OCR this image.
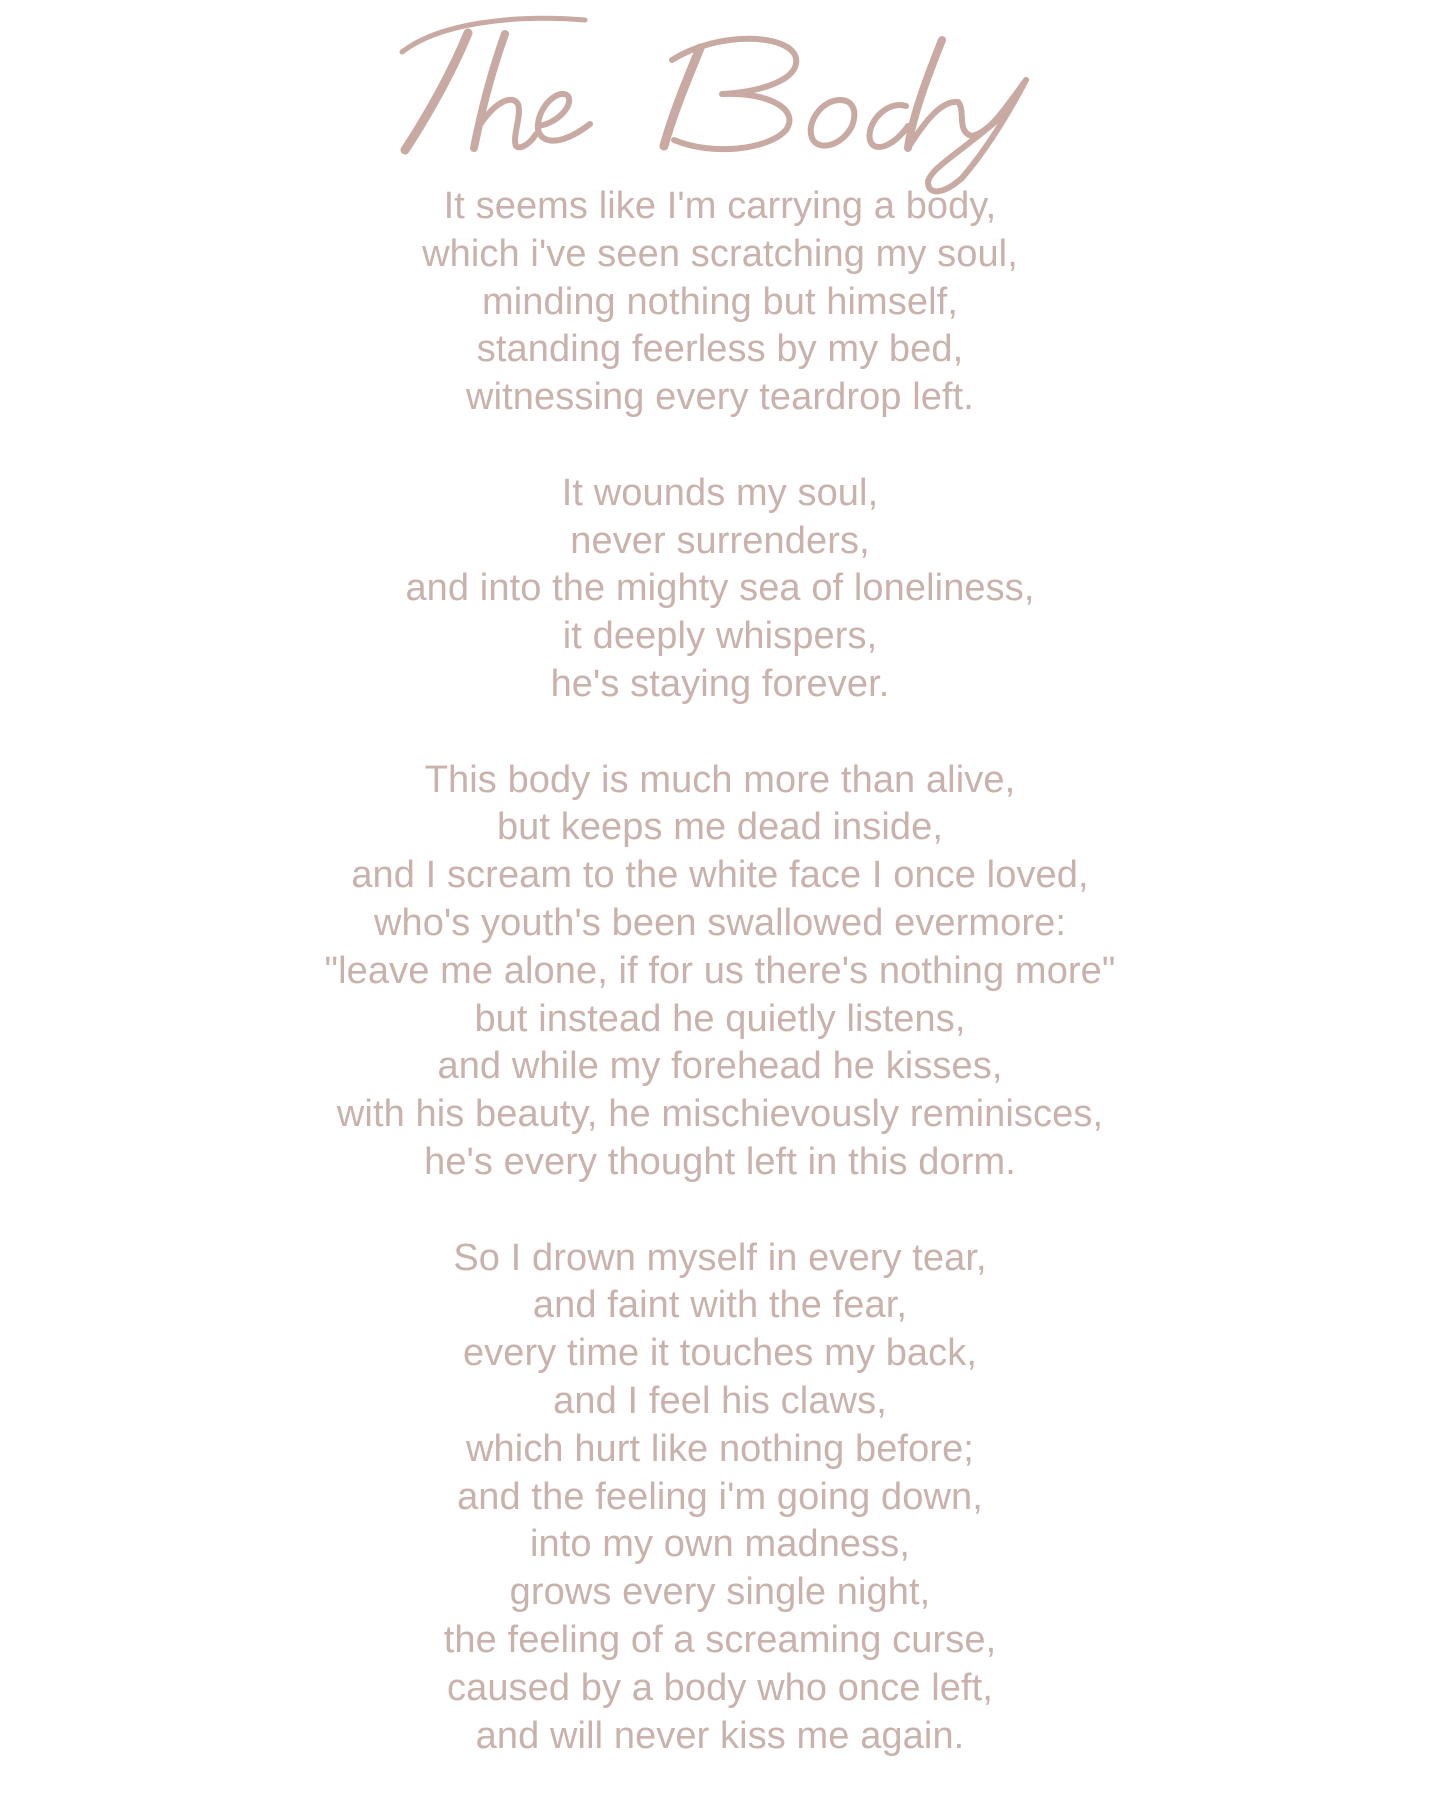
It seems like I'm carrying a body,
which i've seen scratching my soul,
minding nothing but himself,
standing feerless by my bed,
witnessing every teardrop left.
It wounds my soul,
never surrenders,
and into the mighty sea of loneliness,
it deeply whispers,
he's staying forever.
This body is much more than alive,
but keeps me dead inside,
and I scream to the white face I once loved,
who's youth's been swallowed evermore:
"leave me alone, if for us there's nothing more"
but instead he quietly listens,
and while my forehead he kisses,
with his beauty, he mischievously reminisces,
he's every thought left in this dorm.
So I drown myself in every tear,
and faint with the fear,
every time it touches my back,
and I feel his claws,
which hurt like nothing before;
and the feeling i'm going down,
into my own madness,
grows every single night,
the feeling of a screaming curse,
caused by a body who once left,
and will never kiss me again.
